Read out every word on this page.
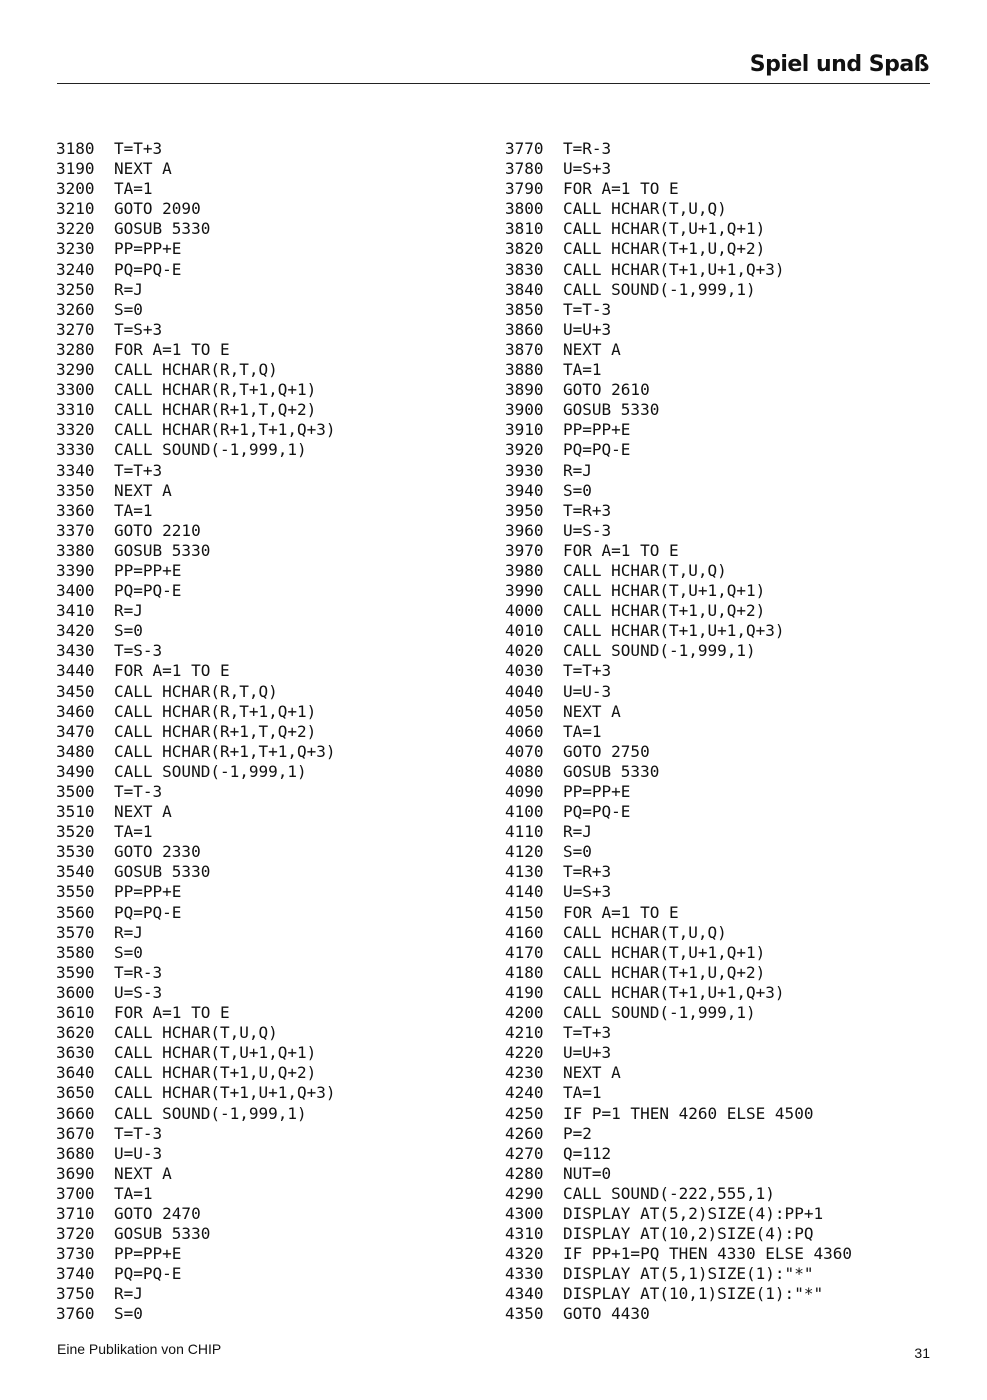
Spiel und Spaß
3180 T=T+3
3190 NEXT A
3200 TA=1
3210 GOTO 2090
3220 GOSUB 5330
3230 PP=PP+E
3240 PQ=PQ-E
3250 R=J
3260 S=0
3270 T=S+3
3280 FOR A=1 TO E
3290 CALL HCHAR(R,T,Q)
3300 CALL HCHAR(R,T+1,Q+1)
3310 CALL HCHAR(R+1,T,Q+2)
3320 CALL HCHAR(R+1,T+1,Q+3)
3330 CALL SOUND(-1,999,1)
3340 T=T+3
3350 NEXT A
3360 TA=1
3370 GOTO 2210
3380 GOSUB 5330
3390 PP=PP+E
3400 PQ=PQ-E
3410 R=J
3420 S=0
3430 T=S-3
3440 FOR A=1 TO E
3450 CALL HCHAR(R,T,Q)
3460 CALL HCHAR(R,T+1,Q+1)
3470 CALL HCHAR(R+1,T,Q+2)
3480 CALL HCHAR(R+1,T+1,Q+3)
3490 CALL SOUND(-1,999,1)
3500 T=T-3
3510 NEXT A
3520 TA=1
3530 GOTO 2330
3540 GOSUB 5330
3550 PP=PP+E
3560 PQ=PQ-E
3570 R=J
3580 S=0
3590 T=R-3
3600 U=S-3
3610 FOR A=1 TO E
3620 CALL HCHAR(T,U,Q)
3630 CALL HCHAR(T,U+1,Q+1)
3640 CALL HCHAR(T+1,U,Q+2)
3650 CALL HCHAR(T+1,U+1,Q+3)
3660 CALL SOUND(-1,999,1)
3670 T=T-3
3680 U=U-3
3690 NEXT A
3700 TA=1
3710 GOTO 2470
3720 GOSUB 5330
3730 PP=PP+E
3740 PQ=PQ-E
3750 R=J
3760 S=0
3770 T=R-3
3780 U=S+3
3790 FOR A=1 TO E
3800 CALL HCHAR(T,U,Q)
3810 CALL HCHAR(T,U+1,Q+1)
3820 CALL HCHAR(T+1,U,Q+2)
3830 CALL HCHAR(T+1,U+1,Q+3)
3840 CALL SOUND(-1,999,1)
3850 T=T-3
3860 U=U+3
3870 NEXT A
3880 TA=1
3890 GOTO 2610
3900 GOSUB 5330
3910 PP=PP+E
3920 PQ=PQ-E
3930 R=J
3940 S=0
3950 T=R+3
3960 U=S-3
3970 FOR A=1 TO E
3980 CALL HCHAR(T,U,Q)
3990 CALL HCHAR(T,U+1,Q+1)
4000 CALL HCHAR(T+1,U,Q+2)
4010 CALL HCHAR(T+1,U+1,Q+3)
4020 CALL SOUND(-1,999,1)
4030 T=T+3
4040 U=U-3
4050 NEXT A
4060 TA=1
4070 GOTO 2750
4080 GOSUB 5330
4090 PP=PP+E
4100 PQ=PQ-E
4110 R=J
4120 S=0
4130 T=R+3
4140 U=S+3
4150 FOR A=1 TO E
4160 CALL HCHAR(T,U,Q)
4170 CALL HCHAR(T,U+1,Q+1)
4180 CALL HCHAR(T+1,U,Q+2)
4190 CALL HCHAR(T+1,U+1,Q+3)
4200 CALL SOUND(-1,999,1)
4210 T=T+3
4220 U=U+3
4230 NEXT A
4240 TA=1
4250 IF P=1 THEN 4260 ELSE 4500
4260 P=2
4270 Q=112
4280 NUT=0
4290 CALL SOUND(-222,555,1)
4300 DISPLAY AT(5,2)SIZE(4):PP+1
4310 DISPLAY AT(10,2)SIZE(4):PQ
4320 IF PP+1=PQ THEN 4330 ELSE 4360
4330 DISPLAY AT(5,1)SIZE(1):"*"
4340 DISPLAY AT(10,1)SIZE(1):"*"
4350 GOTO 4430
Eine Publikation von CHIP	31
